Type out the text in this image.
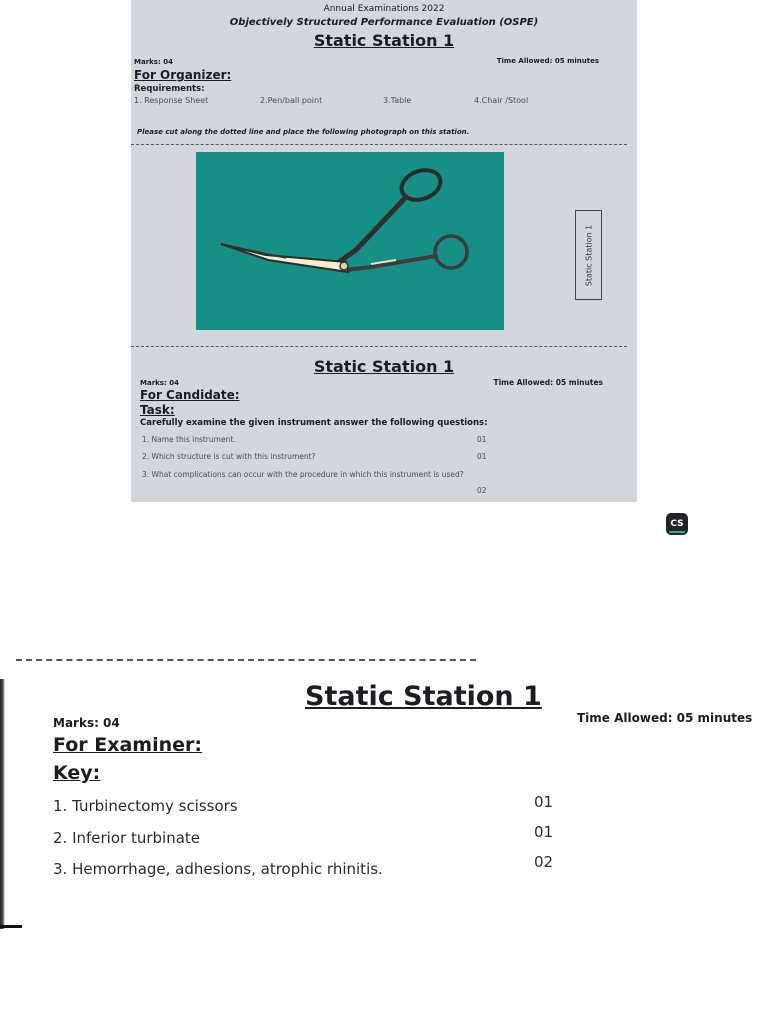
Annual Examinations 2022
Objectively Structured Performance Evaluation (OSPE)
Static Station 1
Marks: 04	Time Allowed: 05 minutes
For Organizer:
Requirements:
1. Response Sheet	2.Pen/ball point	3.Table	4.Chair /Stool
Please cut along the dotted line and place the following photograph on this station.
Static Station 1
Static Station 1
Marks: 04	Time Allowed: 05 minutes
For Candidate:
Task:
Carefully examine the given instrument answer the following questions:
1. Name this instrument.	01
2. Which structure is cut with this instrument?	01
3. What complications can occur with the procedure in which this instrument is used?
02
CS
Static Station 1
Marks: 04	Time Allowed: 05 minutes
For Examiner:
Key:
1. Turbinectomy scissors	01
2. Inferior turbinate	01
3. Hemorrhage, adhesions, atrophic rhinitis.	02
